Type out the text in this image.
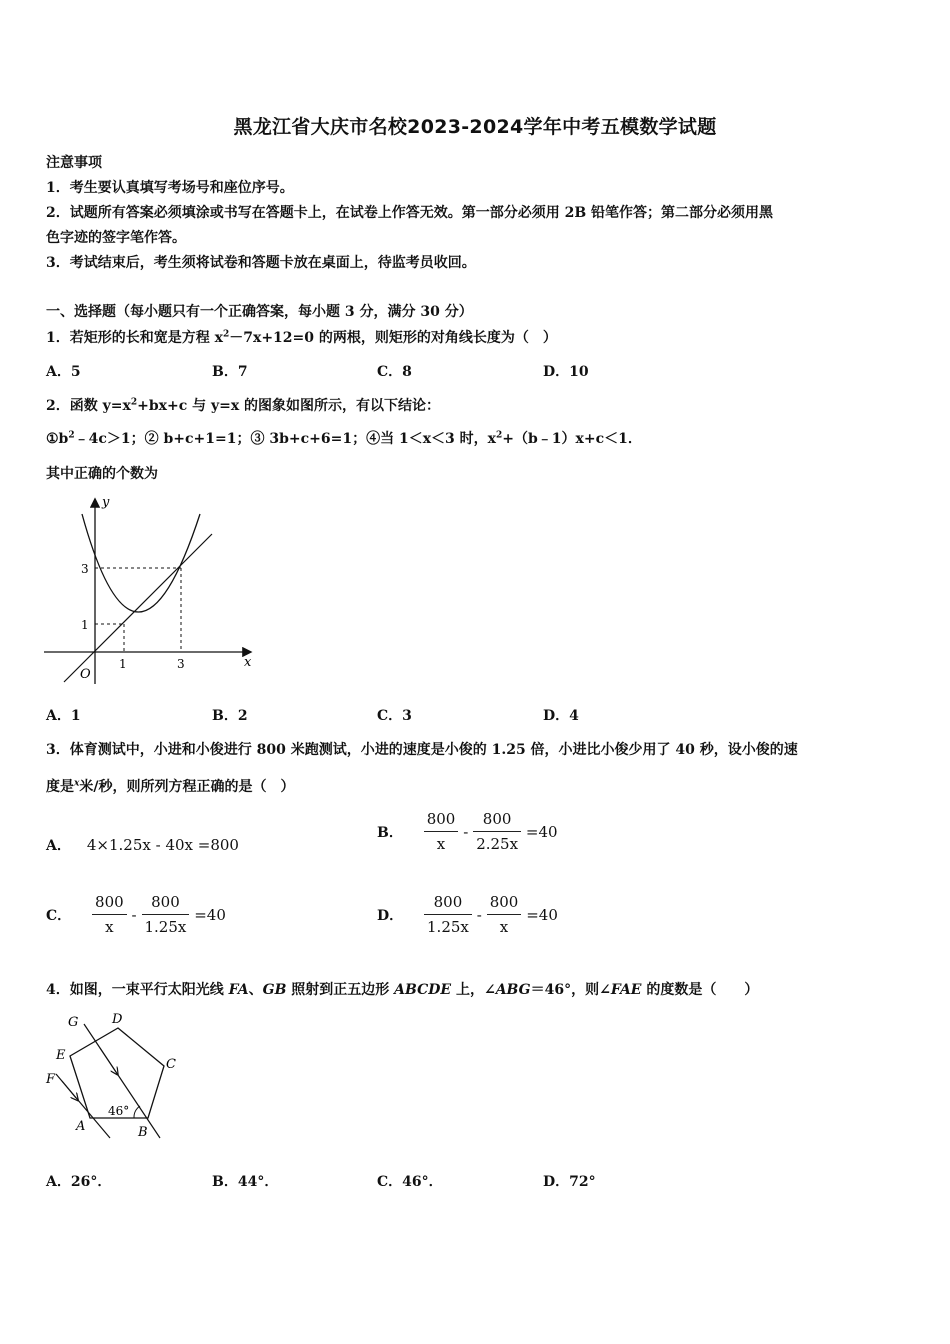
黑龙江省大庆市名校2023-2024学年中考五模数学试题
注意事项
1．考生要认真填写考场号和座位序号。
2．试题所有答案必须填涂或书写在答题卡上，在试卷上作答无效。第一部分必须用 2B 铅笔作答；第二部分必须用黑
色字迹的签字笔作答。
3．考试结束后，考生须将试卷和答题卡放在桌面上，待监考员收回。
一、选择题（每小题只有一个正确答案，每小题 3 分，满分 30 分）
1．若矩形的长和宽是方程 $x^2-7x+12=0$ 的两根，则矩形的对角线长度为（　）
A．5	B．7	C．8	D．10
2．函数 $y=x^2+bx+c$ 与 y=x 的图象如图所示，有以下结论：
$①b^2﹣4c>1$；② b+c+1=1；③ 3b+c+6=1；④当 1＜x＜3 时，$x^2+(b﹣1)x+c<1$．
其中正确的个数为
y
x
O
1	3
1
3
A．1	B．2	C．3	D．4
3．体育测试中，小进和小俊进行 800 米跑测试，小进的速度是小俊的 1.25 倍，小进比小俊少用了 40 秒，设小俊的速
度是$^x$米/秒，则所列方程正确的是（　）
A． 4×1.25x - 40x =800
B． $\frac{800}{x} - \frac{800}{2.25x} =40$
C． $\frac{800}{x} - \frac{800}{1.25x} =40$	D． $\frac{800}{1.25x} - \frac{800}{x} =40$
4．如图，一束平行太阳光线 FA、GB 照射到正五边形 ABCDE 上，∠ABG＝46°，则∠FAE 的度数是（　　）
G	D
E
C
F
A	B
46°
A．26°．	B．44°．	C．46°．	D．72°
